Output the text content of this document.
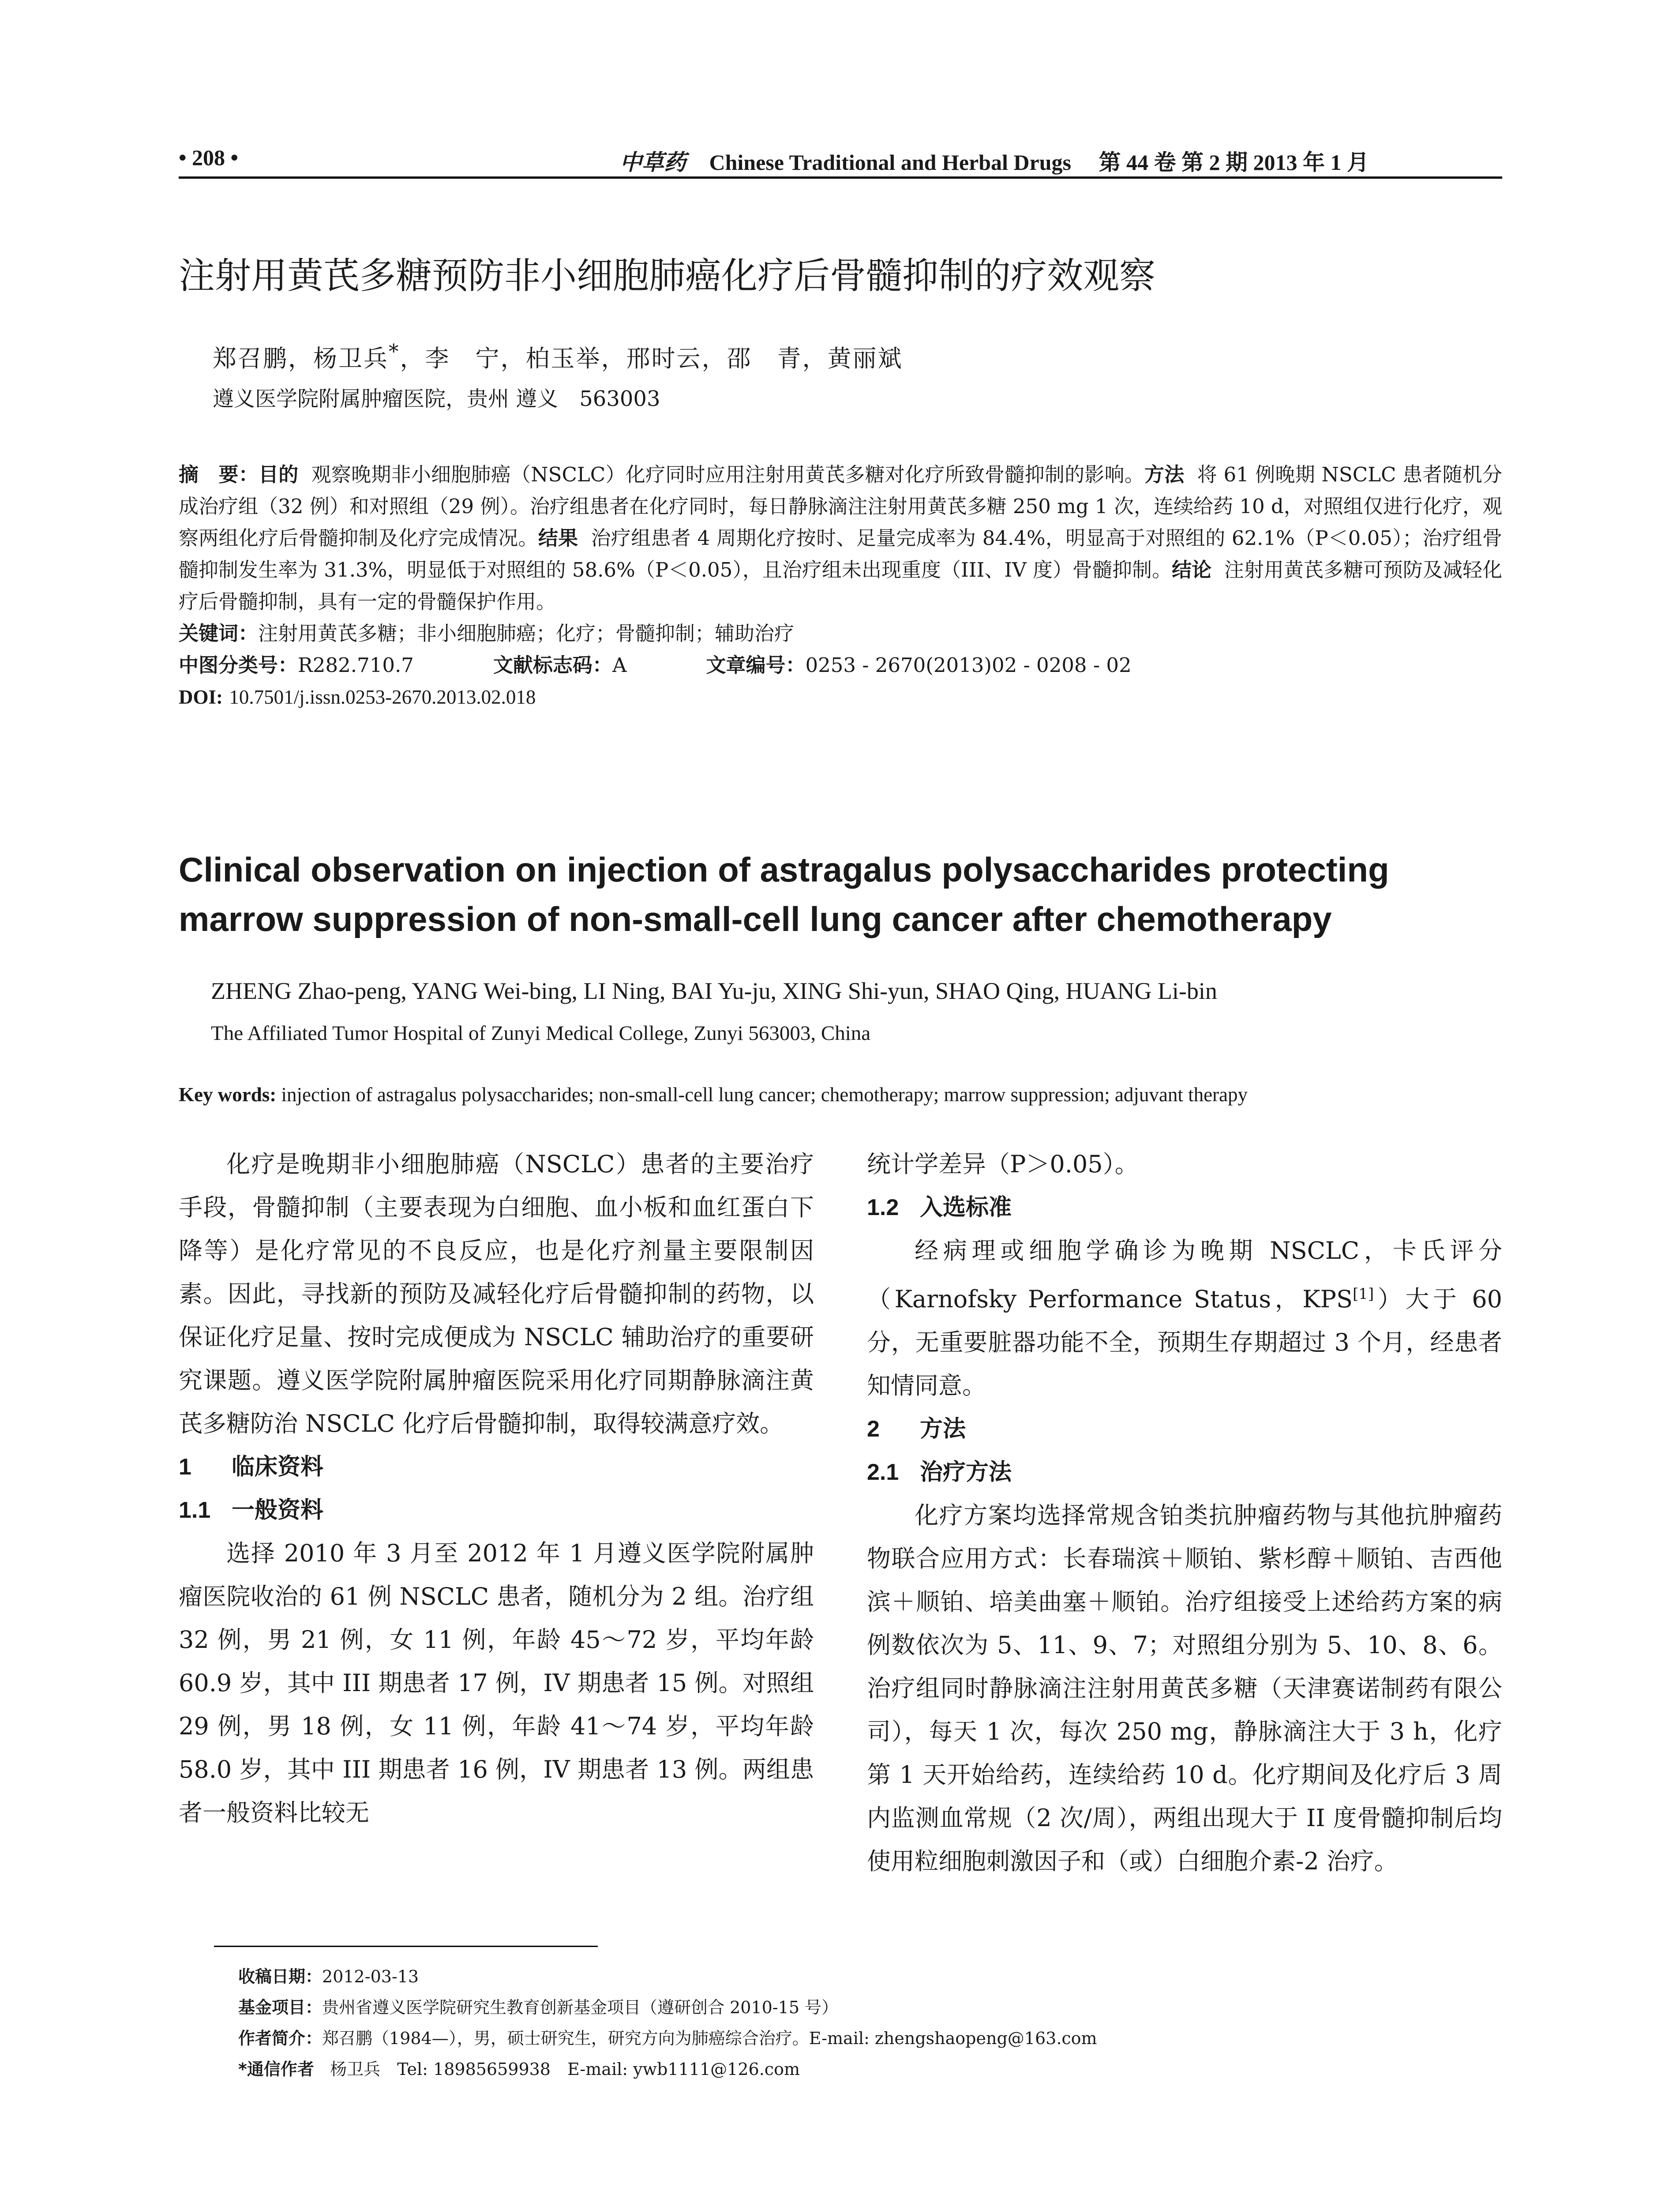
• 208 •	中草药 Chinese Traditional and Herbal Drugs 第 44 卷 第 2 期 2013 年 1 月
注射用黄芪多糖预防非小细胞肺癌化疗后骨髓抑制的疗效观察
郑召鹏，杨卫兵*，李　宁，柏玉举，邢时云，邵　青，黄丽斌
遵义医学院附属肿瘤医院，贵州 遵义　563003
摘　要：目的 观察晚期非小细胞肺癌（NSCLC）化疗同时应用注射用黄芪多糖对化疗所致骨髓抑制的影响。方法 将 61 例晚期 NSCLC 患者随机分成治疗组（32 例）和对照组（29 例）。治疗组患者在化疗同时，每日静脉滴注注射用黄芪多糖 250 mg 1 次，连续给药 10 d，对照组仅进行化疗，观察两组化疗后骨髓抑制及化疗完成情况。结果 治疗组患者 4 周期化疗按时、足量完成率为 84.4%，明显高于对照组的 62.1%（P＜0.05）；治疗组骨髓抑制发生率为 31.3%，明显低于对照组的 58.6%（P＜0.05），且治疗组未出现重度（III、IV 度）骨髓抑制。结论 注射用黄芪多糖可预防及减轻化疗后骨髓抑制，具有一定的骨髓保护作用。
关键词：注射用黄芪多糖；非小细胞肺癌；化疗；骨髓抑制；辅助治疗
中图分类号：R282.710.7	文献标志码：A	文章编号：0253 - 2670(2013)02 - 0208 - 02
DOI: 10.7501/j.issn.0253-2670.2013.02.018
Clinical observation on injection of astragalus polysaccharides protecting marrow suppression of non-small-cell lung cancer after chemotherapy
ZHENG Zhao-peng, YANG Wei-bing, LI Ning, BAI Yu-ju, XING Shi-yun, SHAO Qing, HUANG Li-bin
The Affiliated Tumor Hospital of Zunyi Medical College, Zunyi 563003, China
Key words: injection of astragalus polysaccharides; non-small-cell lung cancer; chemotherapy; marrow suppression; adjuvant therapy

化疗是晚期非小细胞肺癌（NSCLC）患者的主要治疗手段，骨髓抑制（主要表现为白细胞、血小板和血红蛋白下降等）是化疗常见的不良反应，也是化疗剂量主要限制因素。因此，寻找新的预防及减轻化疗后骨髓抑制的药物，以保证化疗足量、按时完成便成为 NSCLC 辅助治疗的重要研究课题。遵义医学院附属肿瘤医院采用化疗同期静脉滴注黄芪多糖防治 NSCLC 化疗后骨髓抑制，取得较满意疗效。

1 临床资料
1.1 一般资料

选择 2010 年 3 月至 2012 年 1 月遵义医学院附属肿瘤医院收治的 61 例 NSCLC 患者，随机分为 2 组。治疗组 32 例，男 21 例，女 11 例，年龄 45～72 岁，平均年龄 60.9 岁，其中 III 期患者 17 例，IV 期患者 15 例。对照组 29 例，男 18 例，女 11 例，年龄 41～74 岁，平均年龄 58.0 岁，其中 III 期患者 16 例，IV 期患者 13 例。两组患者一般资料比较无

统计学差异（P＞0.05）。

1.2 入选标准

经病理或细胞学确诊为晚期 NSCLC，卡氏评分（Karnofsky Performance Status，KPS[1]）大于 60 分，无重要脏器功能不全，预期生存期超过 3 个月，经患者知情同意。

2 方法
2.1 治疗方法

化疗方案均选择常规含铂类抗肿瘤药物与其他抗肿瘤药物联合应用方式：长春瑞滨＋顺铂、紫杉醇＋顺铂、吉西他滨＋顺铂、培美曲塞＋顺铂。治疗组接受上述给药方案的病例数依次为 5、11、9、7；对照组分别为 5、10、8、6。治疗组同时静脉滴注注射用黄芪多糖（天津赛诺制药有限公司），每天 1 次，每次 250 mg，静脉滴注大于 3 h，化疗第 1 天开始给药，连续给药 10 d。化疗期间及化疗后 3 周内监测血常规（2 次/周），两组出现大于 II 度骨髓抑制后均使用粒细胞刺激因子和（或）白细胞介素-2 治疗。

收稿日期：2012-03-13
基金项目：贵州省遵义医学院研究生教育创新基金项目（遵研创合 2010-15 号）
作者简介：郑召鹏（1984—），男，硕士研究生，研究方向为肺癌综合治疗。E-mail: zhengshaopeng@163.com
*通信作者 杨卫兵　Tel: 18985659938　E-mail: ywb1111@126.com
